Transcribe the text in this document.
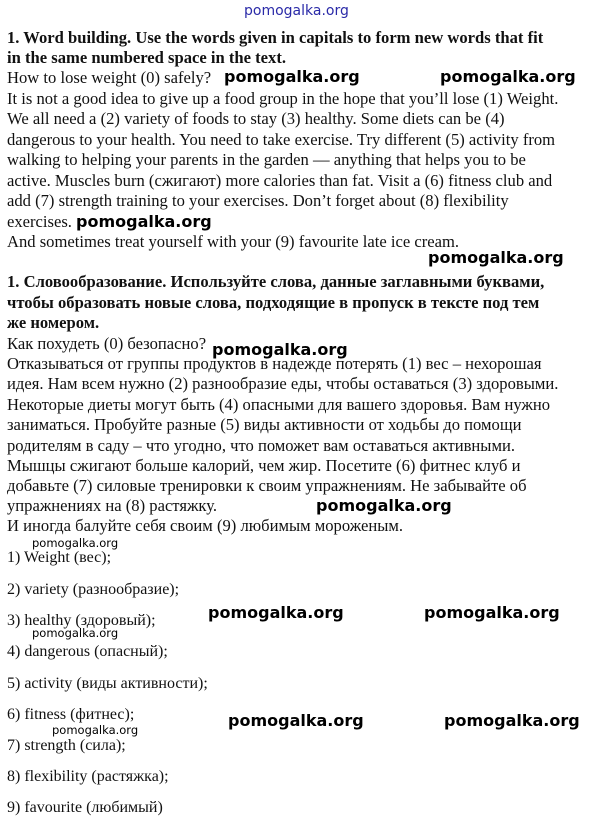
1. Word building. Use the words given in capitals to form new words that fit
in the same numbered space in the text.
How to lose weight (0) safely?
It is not a good idea to give up a food group in the hope that you’ll lose (1) Weight.
We all need a (2) variety of foods to stay (3) healthy. Some diets can be (4)
dangerous to your health. You need to take exercise. Try different (5) activity from
walking to helping your parents in the garden — anything that helps you to be
active. Muscles burn (сжигают) more calories than fat. Visit a (6) fitness club and
add (7) strength training to your exercises. Don’t forget about (8) flexibility
exercises.
And sometimes treat yourself with your (9) favourite late ice cream.
1. Словообразование. Используйте слова, данные заглавными буквами,
чтобы образовать новые слова, подходящие в пропуск в тексте под тем
же номером.
Как похудеть (0) безопасно?
Отказываться от группы продуктов в надежде потерять (1) вес – нехорошая
идея. Нам всем нужно (2) разнообразие еды, чтобы оставаться (3) здоровыми.
Некоторые диеты могут быть (4) опасными для вашего здоровья. Вам нужно
заниматься. Пробуйте разные (5) виды активности от ходьбы до помощи
родителям в саду – что угодно, что поможет вам оставаться активными.
Мышцы сжигают больше калорий, чем жир. Посетите (6) фитнес клуб и
добавьте (7) силовые тренировки к своим упражнениям. Не забывайте об
упражнениях на (8) растяжку.
И иногда балуйте себя своим (9) любимым мороженым.
1) Weight (вес);
2) variety (разнообразие);
3) healthy (здоровый);
4) dangerous (опасный);
5) activity (виды активности);
6) fitness (фитнес);
7) strength (сила);
8) flexibility (растяжка);
9) favourite (любимый)
pomogalka.org
pomogalka.org	pomogalka.org
pomogalka.org
pomogalka.org
pomogalka.org
pomogalka.org
pomogalka.org
pomogalka.org	pomogalka.org
pomogalka.org
pomogalka.org	pomogalka.org
pomogalka.org
